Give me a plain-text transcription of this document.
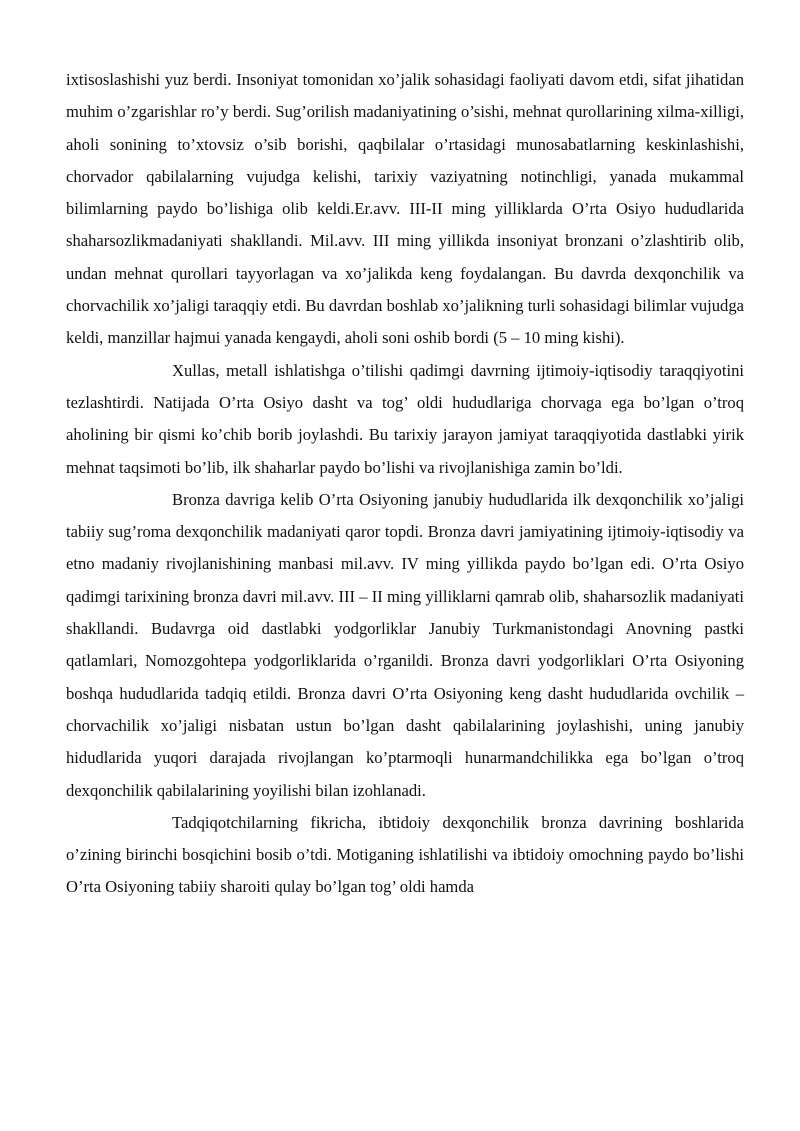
ixtisoslashishi yuz berdi. Insoniyat tomonidan xo’jalik sohasidagi faoliyati davom etdi, sifat jihatidan muhim o’zgarishlar ro’y berdi. Sug’orilish madaniyatining o’sishi, mehnat qurollarining xilma-xilligi, aholi sonining to’xtovsiz o’sib borishi, qaqbilalar o’rtasidagi munosabatlarning keskinlashishi, chorvador qabilalarning vujudga kelishi, tarixiy vaziyatning notinchligi, yanada mukammal bilimlarning paydo bo’lishiga olib keldi.Er.avv. III-II ming yilliklarda O’rta Osiyo hududlarida shaharsozlikmadaniyati shakllandi. Mil.avv. III ming yillikda insoniyat bronzani o’zlashtirib olib, undan mehnat qurollari tayyorlagan va xo’jalikda keng foydalangan. Bu davrda dexqonchilik va chorvachilik xo’jaligi taraqqiy etdi. Bu davrdan boshlab xo’jalikning turli sohasidagi bilimlar vujudga keldi, manzillar hajmui yanada kengaydi, aholi soni oshib bordi (5 – 10 ming kishi).

Xullas, metall ishlatishga o’tilishi qadimgi davrning ijtimoiy-iqtisodiy taraqqiyotini tezlashtirdi. Natijada O’rta Osiyo dasht va tog’ oldi hududlariga chorvaga ega bo’lgan o’troq aholining bir qismi ko’chib borib joylashdi. Bu tarixiy jarayon jamiyat taraqqiyotida dastlabki yirik mehnat taqsimoti bo’lib, ilk shaharlar paydo bo’lishi va rivojlanishiga zamin bo’ldi.

Bronza davriga kelib O’rta Osiyoning janubiy hududlarida ilk dexqonchilik xo’jaligi tabiiy sug’roma dexqonchilik madaniyati qaror topdi. Bronza davri jamiyatining ijtimoiy-iqtisodiy va etno madaniy rivojlanishining manbasi mil.avv. IV ming yillikda paydo bo’lgan edi. O’rta Osiyo qadimgi tarixining bronza davri mil.avv. III – II ming yilliklarni qamrab olib, shaharsozlik madaniyati shakllandi. Budavrga oid dastlabki yodgorliklar Janubiy Turkmanistondagi Anovning pastki qatlamlari, Nomozgohtepa yodgorliklarida o’rganildi. Bronza davri yodgorliklari O’rta Osiyoning boshqa hududlarida tadqiq etildi. Bronza davri O’rta Osiyoning keng dasht hududlarida ovchilik – chorvachilik xo’jaligi nisbatan ustun bo’lgan dasht qabilalarining joylashishi, uning janubiy hidudlarida yuqori darajada rivojlangan ko’ptarmoqli hunarmandchilikka ega bo’lgan o’troq dexqonchilik qabilalarining yoyilishi bilan izohlanadi.

Tadqiqotchilarning fikricha, ibtidoiy dexqonchilik bronza davrining boshlarida o’zining birinchi bosqichini bosib o’tdi. Motiganing ishlatilishi va ibtidoiy omochning paydo bo’lishi O’rta Osiyoning tabiiy sharoiti qulay bo’lgan tog’ oldi hamda
